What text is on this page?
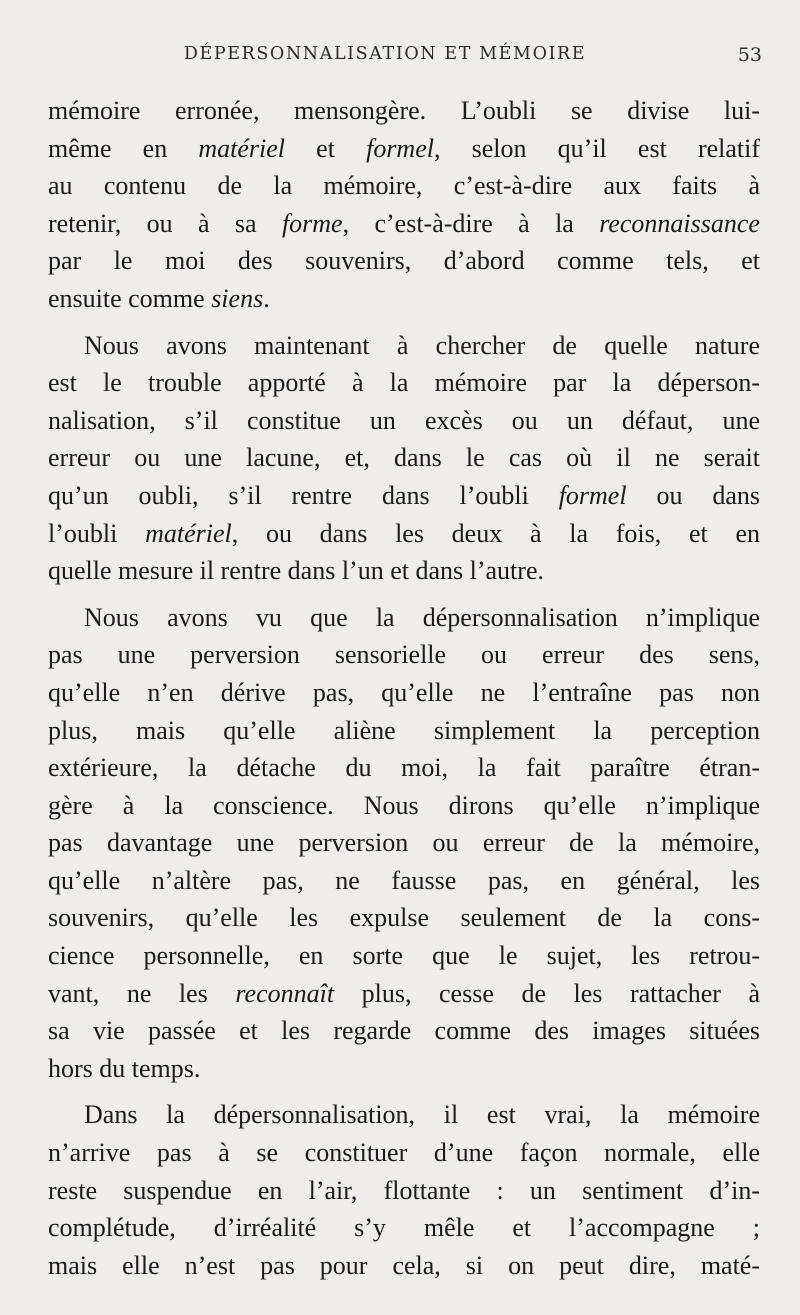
DÉPERSONNALISATION ET MÉMOIRE	53
mémoire erronée, mensongère. L’oubli se divise lui-
même en matériel et formel, selon qu’il est relatif
au contenu de la mémoire, c’est-à-dire aux faits à
retenir, ou à sa forme, c’est-à-dire à la reconnaissance
par le moi des souvenirs, d’abord comme tels, et
ensuite comme siens.
Nous avons maintenant à chercher de quelle nature
est le trouble apporté à la mémoire par la déperson-
nalisation, s’il constitue un excès ou un défaut, une
erreur ou une lacune, et, dans le cas où il ne serait
qu’un oubli, s’il rentre dans l’oubli formel ou dans
l’oubli matériel, ou dans les deux à la fois, et en
quelle mesure il rentre dans l’un et dans l’autre.
Nous avons vu que la dépersonnalisation n’implique
pas une perversion sensorielle ou erreur des sens,
qu’elle n’en dérive pas, qu’elle ne l’entraîne pas non
plus, mais qu’elle aliène simplement la perception
extérieure, la détache du moi, la fait paraître étran-
gère à la conscience. Nous dirons qu’elle n’implique
pas davantage une perversion ou erreur de la mémoire,
qu’elle n’altère pas, ne fausse pas, en général, les
souvenirs, qu’elle les expulse seulement de la cons-
cience personnelle, en sorte que le sujet, les retrou-
vant, ne les reconnaît plus, cesse de les rattacher à
sa vie passée et les regarde comme des images situées
hors du temps.
Dans la dépersonnalisation, il est vrai, la mémoire
n’arrive pas à se constituer d’une façon normale, elle
reste suspendue en l’air, flottante : un sentiment d’in-
complétude, d’irréalité s’y mêle et l’accompagne ;
mais elle n’est pas pour cela, si on peut dire, maté-
